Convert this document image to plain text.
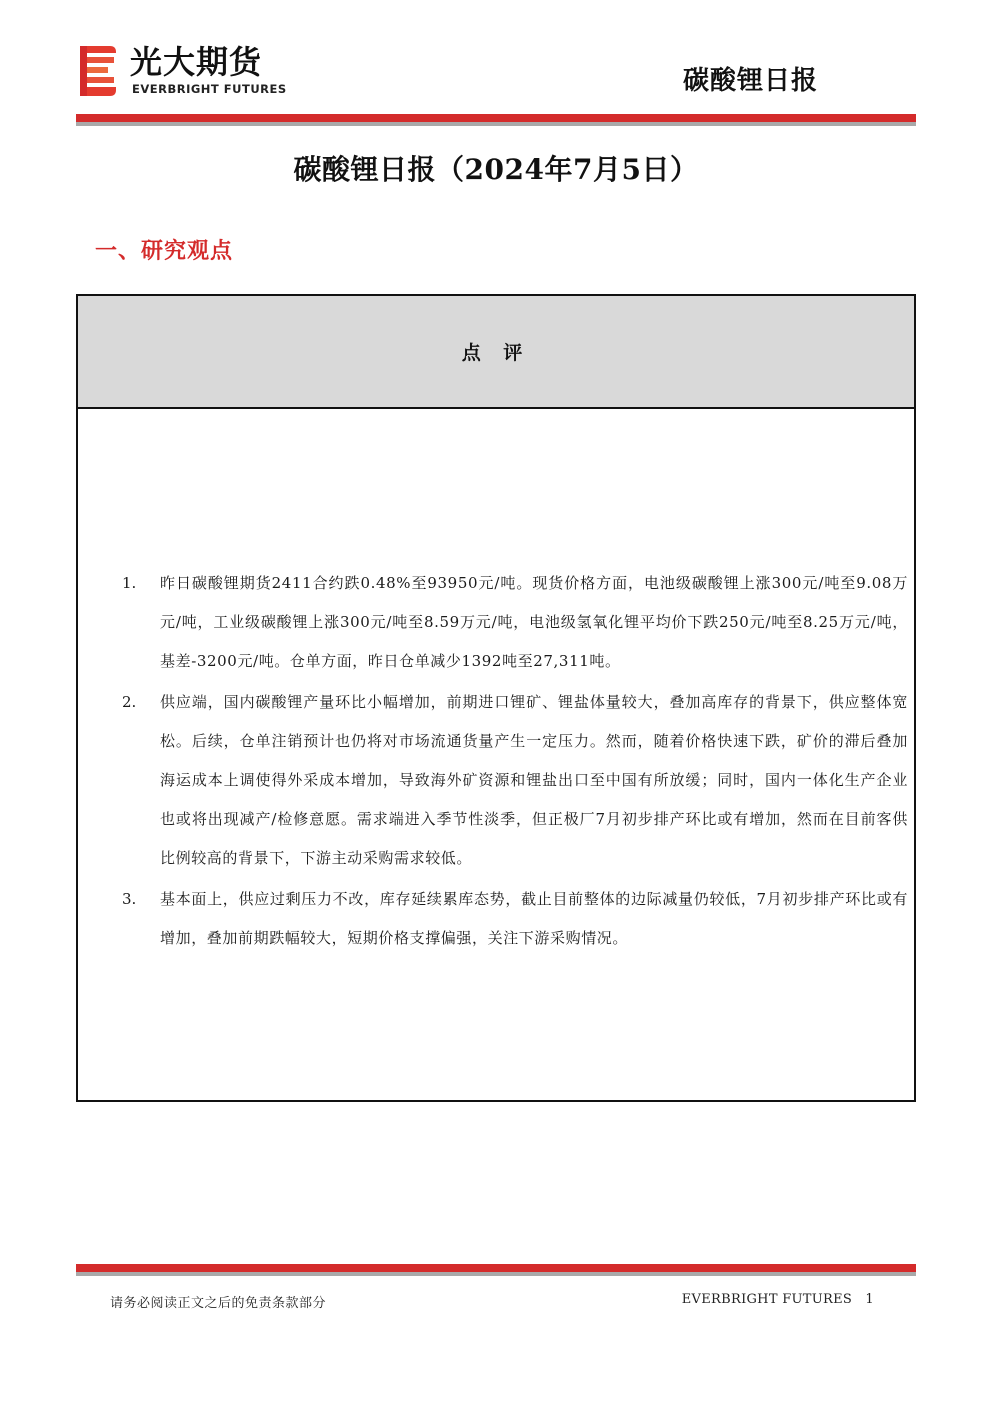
光大期货
EVERBRIGHT FUTURES	碳酸锂日报
碳酸锂日报（2024年7月5日）
一、研究观点
点 评
1.	昨日碳酸锂期货2411合约跌0.48%至93950元/吨。现货价格方面，电池级碳酸锂上涨300元/吨至9.08万元/吨，工业级碳酸锂上涨300元/吨至8.59万元/吨，电池级氢氧化锂平均价下跌250元/吨至8.25万元/吨，基差-3200元/吨。仓单方面，昨日仓单减少1392吨至27,311吨。
2.	供应端，国内碳酸锂产量环比小幅增加，前期进口锂矿、锂盐体量较大，叠加高库存的背景下，供应整体宽松。后续，仓单注销预计也仍将对市场流通货量产生一定压力。然而，随着价格快速下跌，矿价的滞后叠加海运成本上调使得外采成本增加，导致海外矿资源和锂盐出口至中国有所放缓；同时，国内一体化生产企业也或将出现减产/检修意愿。需求端进入季节性淡季，但正极厂7月初步排产环比或有增加，然而在目前客供比例较高的背景下，下游主动采购需求较低。
3.	基本面上，供应过剩压力不改，库存延续累库态势，截止目前整体的边际减量仍较低，7月初步排产环比或有增加，叠加前期跌幅较大，短期价格支撑偏强，关注下游采购情况。
请务必阅读正文之后的免责条款部分	EVERBRIGHT FUTURES 1
